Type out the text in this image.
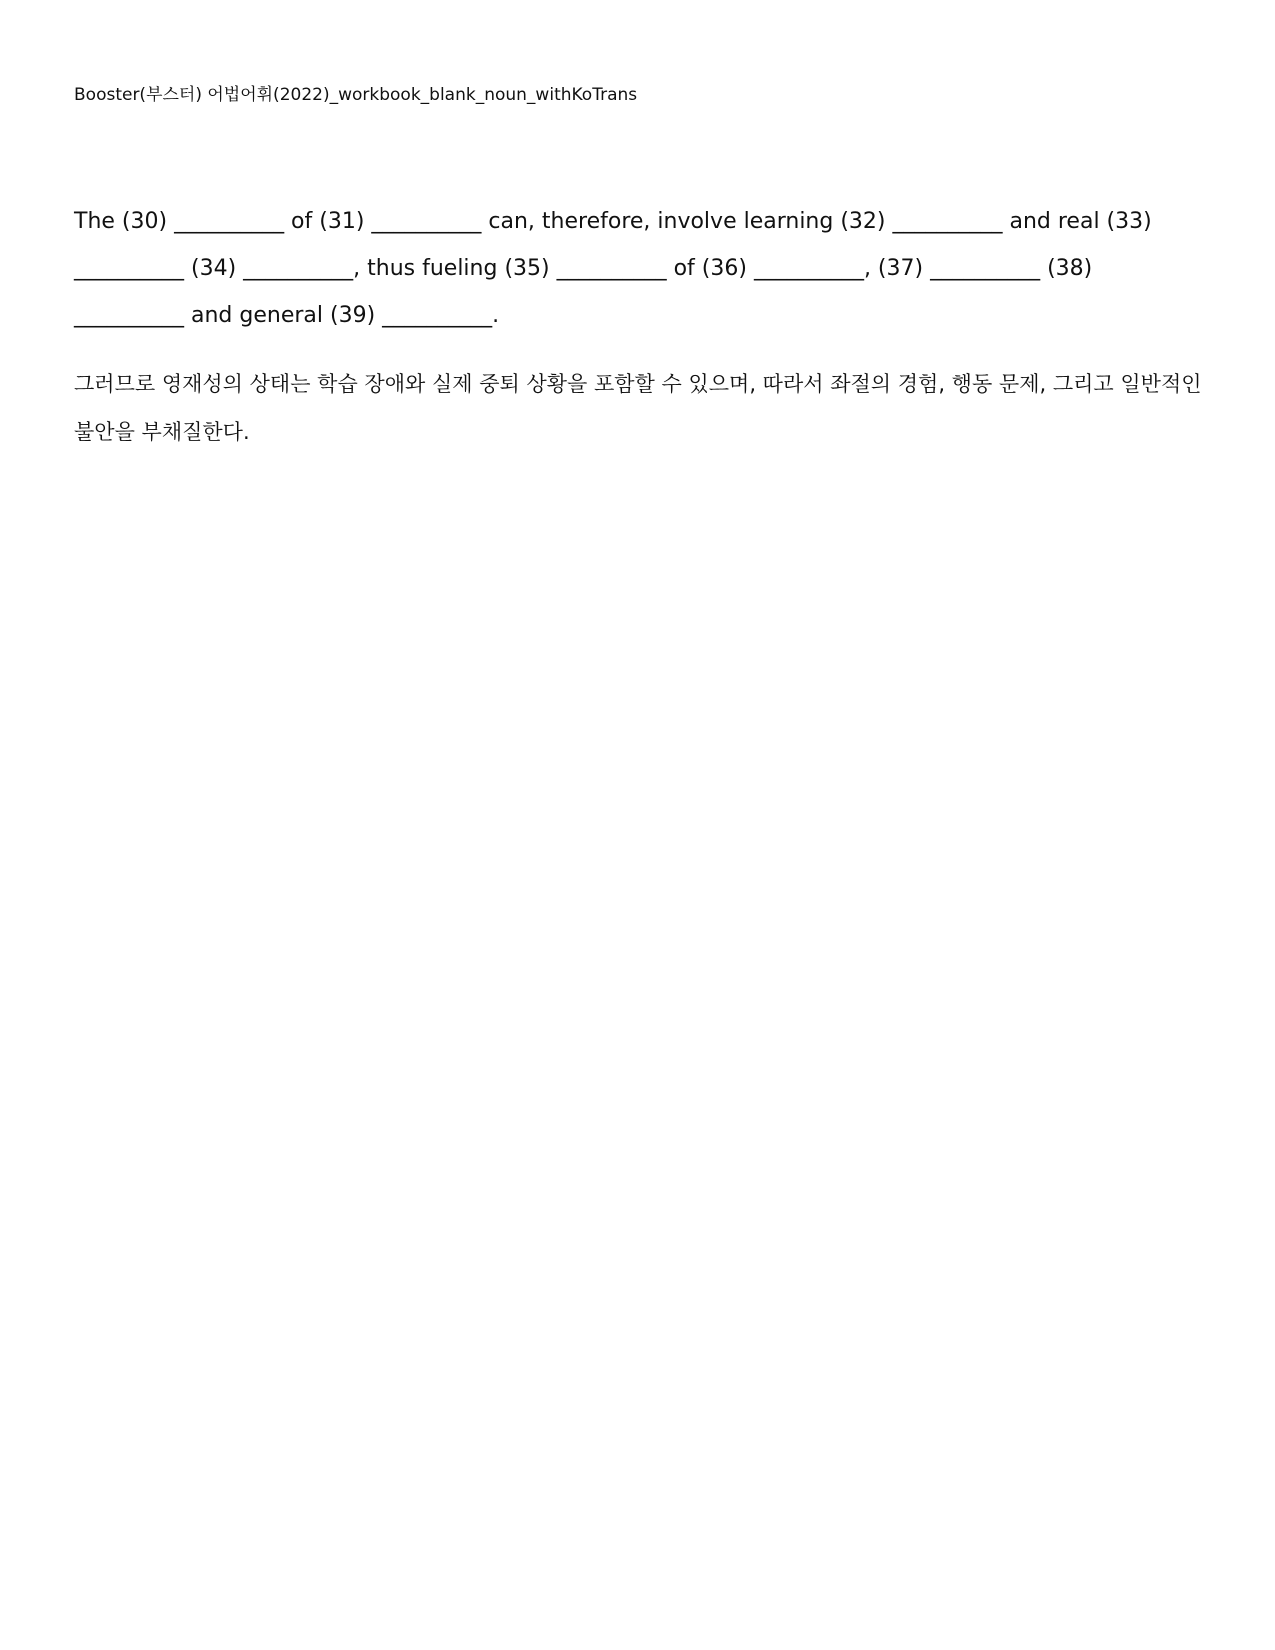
Booster(부스터) 어법어휘(2022)_workbook_blank_noun_withKoTrans
The (30) __________ of (31) __________ can, therefore, involve learning (32) __________ and real (33)
__________ (34) __________, thus fueling (35) __________ of (36) __________, (37) __________ (38)
__________ and general (39) __________.
그러므로 영재성의 상태는 학습 장애와 실제 중퇴 상황을 포함할 수 있으며, 따라서 좌절의 경험, 행동 문제, 그리고 일반적인
불안을 부채질한다.
